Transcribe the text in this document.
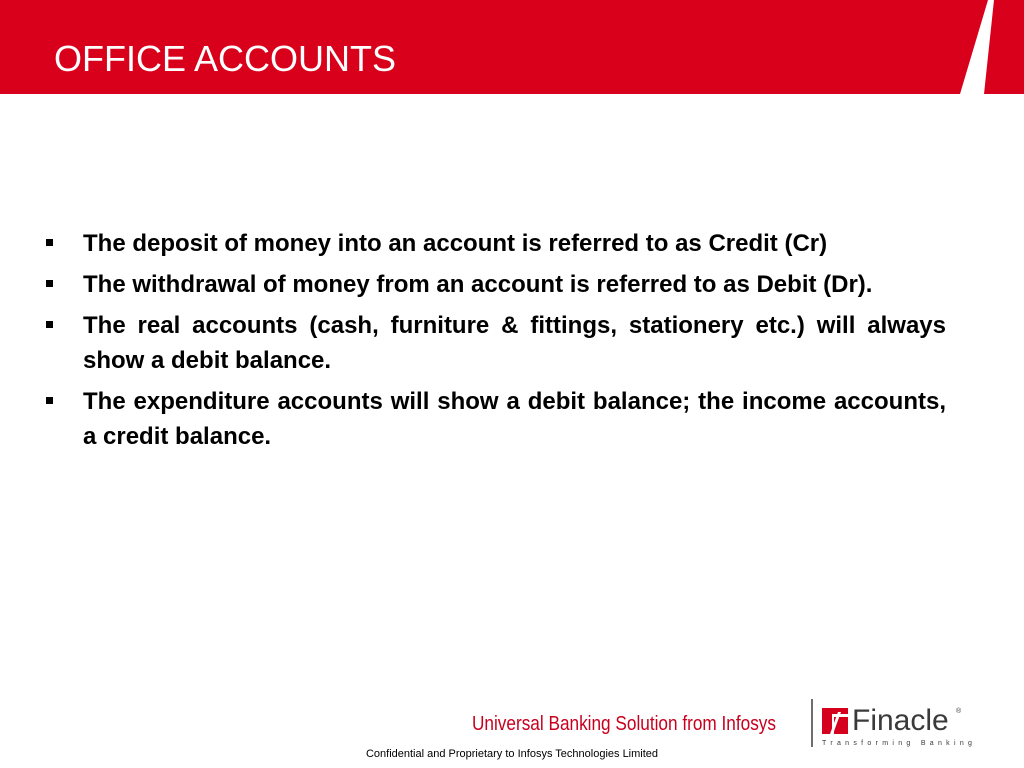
OFFICE ACCOUNTS
The deposit of money into an account is referred to as Credit (Cr)
The withdrawal of money from an account is referred to as Debit (Dr).
The real accounts (cash, furniture & fittings, stationery etc.) will always show a debit balance.
The expenditure accounts will show a debit balance; the income accounts, a credit balance.
Universal Banking Solution from Infosys	Finacle ®
Transforming Banking
Confidential and Proprietary to Infosys Technologies Limited
